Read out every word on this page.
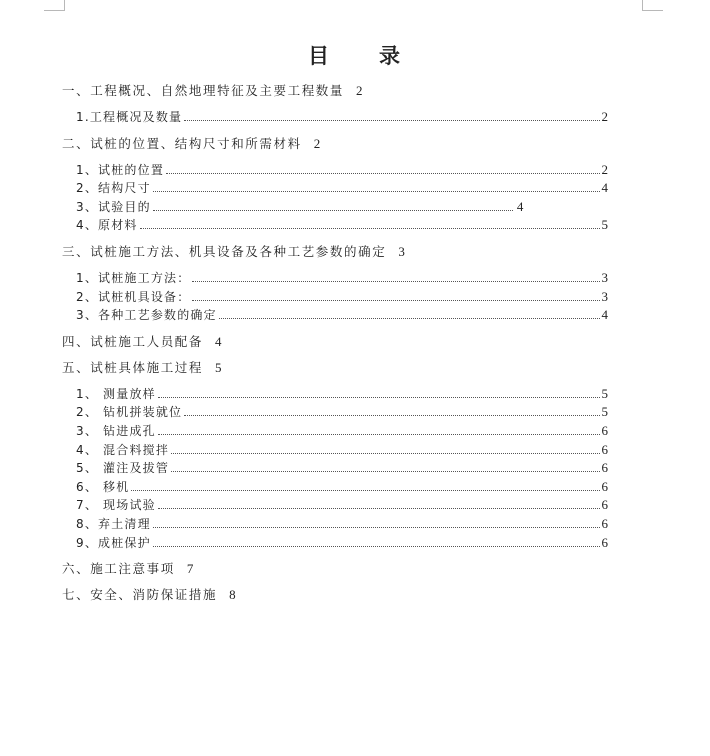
目 录
一、工程概况、自然地理特征及主要工程数量 2
1.工程概况及数量	2
二、试桩的位置、结构尺寸和所需材料 2
1、试桩的位置	2
2、结构尺寸	4
3、试验目的	4
4、原材料	5
三、试桩施工方法、机具设备及各种工艺参数的确定 3
1、试桩施工方法：	3
2、试桩机具设备：	3
3、各种工艺参数的确定	4
四、试桩施工人员配备 4
五、试桩具体施工过程 5
1、 测量放样	5
2、 钻机拼装就位	5
3、 钻进成孔	6
4、 混合料搅拌	6
5、 灌注及拔管	6
6、 移机	6
7、 现场试验	6
8、弃土清理	6
9、成桩保护	6
六、施工注意事项 7
七、安全、消防保证措施 8
